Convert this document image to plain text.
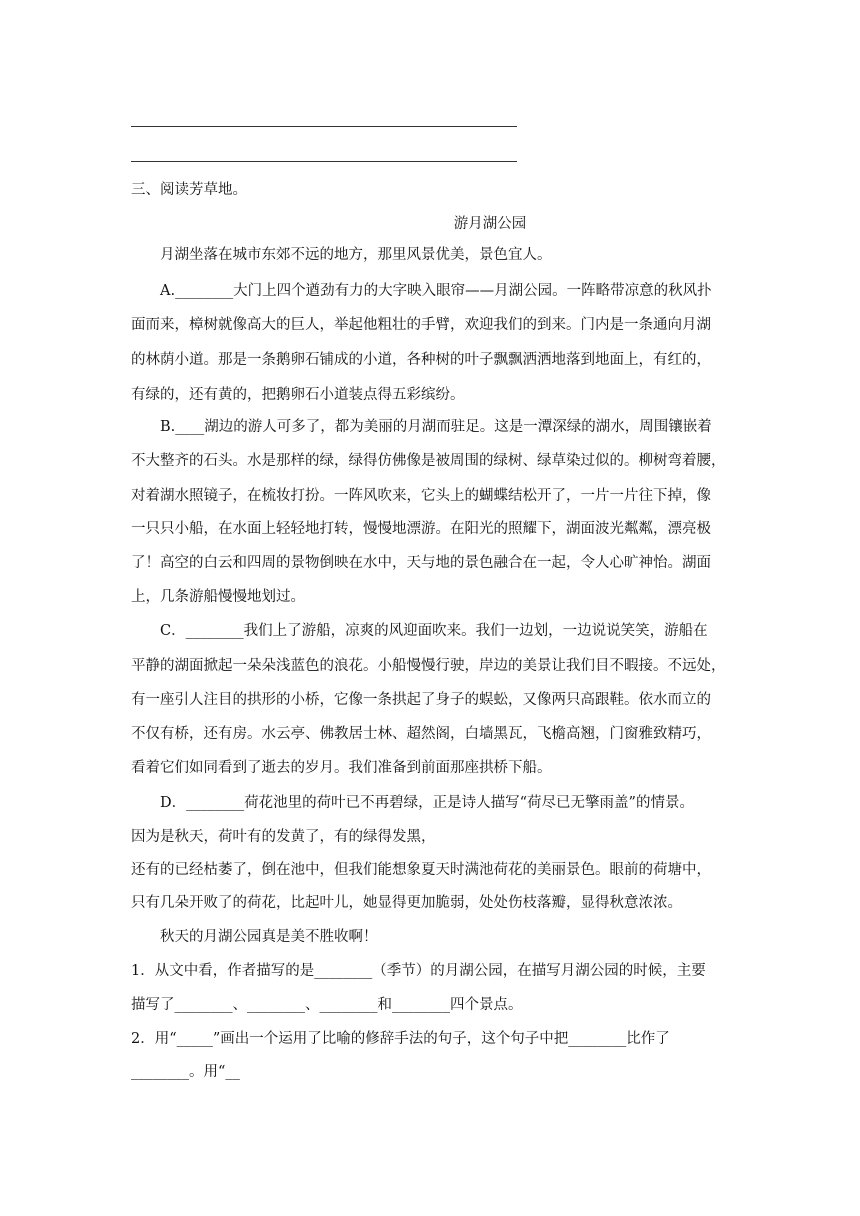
三、阅读芳草地。
游月湖公园
月湖坐落在城市东郊不远的地方，那里风景优美，景色宜人。
A.________大门上四个遒劲有力的大字映入眼帘——月湖公园。一阵略带凉意的秋风扑
面而来，樟树就像高大的巨人，举起他粗壮的手臂，欢迎我们的到来。门内是一条通向月湖
的林荫小道。那是一条鹅卵石铺成的小道，各种树的叶子飘飘洒洒地落到地面上，有红的，
有绿的，还有黄的，把鹅卵石小道装点得五彩缤纷。
B.____湖边的游人可多了，都为美丽的月湖而驻足。这是一潭深绿的湖水，周围镶嵌着
不大整齐的石头。水是那样的绿，绿得仿佛像是被周围的绿树、绿草染过似的。柳树弯着腰，
对着湖水照镜子，在梳妆打扮。一阵风吹来，它头上的蝴蝶结松开了，一片一片往下掉，像
一只只小船，在水面上轻轻地打转，慢慢地漂游。在阳光的照耀下，湖面波光粼粼，漂亮极
了！高空的白云和四周的景物倒映在水中，天与地的景色融合在一起，令人心旷神怡。湖面
上，几条游船慢慢地划过。
C．________我们上了游船，凉爽的风迎面吹来。我们一边划，一边说说笑笑，游船在
平静的湖面掀起一朵朵浅蓝色的浪花。小船慢慢行驶，岸边的美景让我们目不暇接。不远处，
有一座引人注目的拱形的小桥，它像一条拱起了身子的蜈蚣，又像两只高跟鞋。依水而立的
不仅有桥，还有房。水云亭、佛教居士林、超然阁，白墙黑瓦，飞檐高翘，门窗雅致精巧，
看着它们如同看到了逝去的岁月。我们准备到前面那座拱桥下船。
D．________荷花池里的荷叶已不再碧绿，正是诗人描写“荷尽已无擎雨盖”的情景。
因为是秋天，荷叶有的发黄了，有的绿得发黑，
还有的已经枯萎了，倒在池中，但我们能想象夏天时满池荷花的美丽景色。眼前的荷塘中，
只有几朵开败了的荷花，比起叶儿，她显得更加脆弱，处处伤枝落瓣，显得秋意浓浓。
秋天的月湖公园真是美不胜收啊！
1．从文中看，作者描写的是________（季节）的月湖公园，在描写月湖公园的时候，主要
描写了________、________、________和________四个景点。
2．用“_____”画出一个运用了比喻的修辞手法的句子，这个句子中把________比作了
________。用“__
